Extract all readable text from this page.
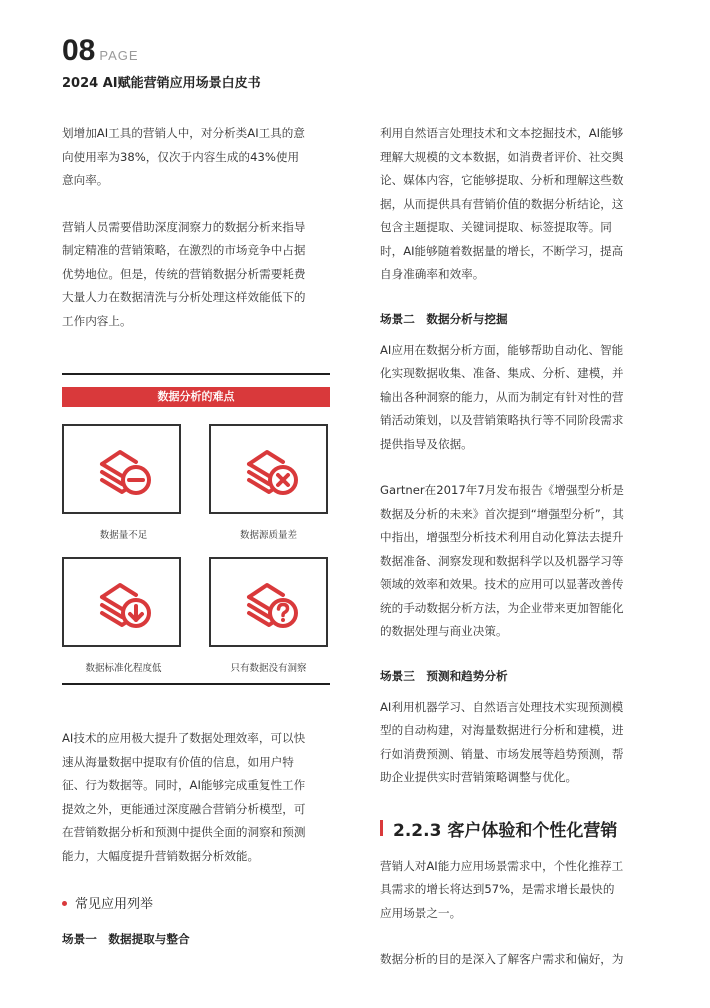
08 PAGE
2024 AI赋能营销应用场景白皮书
划增加AI工具的营销人中，对分析类AI工具的意
向使用率为38%，仅次于内容生成的43%使用
意向率。
营销人员需要借助深度洞察力的数据分析来指导
制定精准的营销策略，在激烈的市场竞争中占据
优势地位。但是，传统的营销数据分析需要耗费
大量人力在数据清洗与分析处理这样效能低下的
工作内容上。
数据分析的难点
数据量不足	数据源质量差
数据标准化程度低	只有数据没有洞察
AI技术的应用极大提升了数据处理效率，可以快
速从海量数据中提取有价值的信息，如用户特
征、行为数据等。同时，AI能够完成重复性工作
提效之外，更能通过深度融合营销分析模型，可
在营销数据分析和预测中提供全面的洞察和预测
能力，大幅度提升营销数据分析效能。
常见应用列举
场景一　数据提取与整合
利用自然语言处理技术和文本挖掘技术，AI能够
理解大规模的文本数据，如消费者评价、社交舆
论、媒体内容，它能够提取、分析和理解这些数
据，从而提供具有营销价值的数据分析结论，这
包含主题提取、关键词提取、标签提取等。同
时，AI能够随着数据量的增长，不断学习，提高
自身准确率和效率。
场景二　数据分析与挖掘
AI应用在数据分析方面，能够帮助自动化、智能
化实现数据收集、准备、集成、分析、建模，并
输出各种洞察的能力，从而为制定有针对性的营
销活动策划，以及营销策略执行等不同阶段需求
提供指导及依据。
Gartner在2017年7月发布报告《增强型分析是
数据及分析的未来》首次提到“增强型分析”，其
中指出，增强型分析技术利用自动化算法去提升
数据准备、洞察发现和数据科学以及机器学习等
领域的效率和效果。技术的应用可以显著改善传
统的手动数据分析方法，为企业带来更加智能化
的数据处理与商业决策。
场景三　预测和趋势分析
AI利用机器学习、自然语言处理技术实现预测模
型的自动构建，对海量数据进行分析和建模，进
行如消费预测、销量、市场发展等趋势预测，帮
助企业提供实时营销策略调整与优化。
2.2.3 客户体验和个性化营销
营销人对AI能力应用场景需求中，个性化推荐工
具需求的增长将达到57%，是需求增长最快的
应用场景之一。
数据分析的目的是深入了解客户需求和偏好，为
